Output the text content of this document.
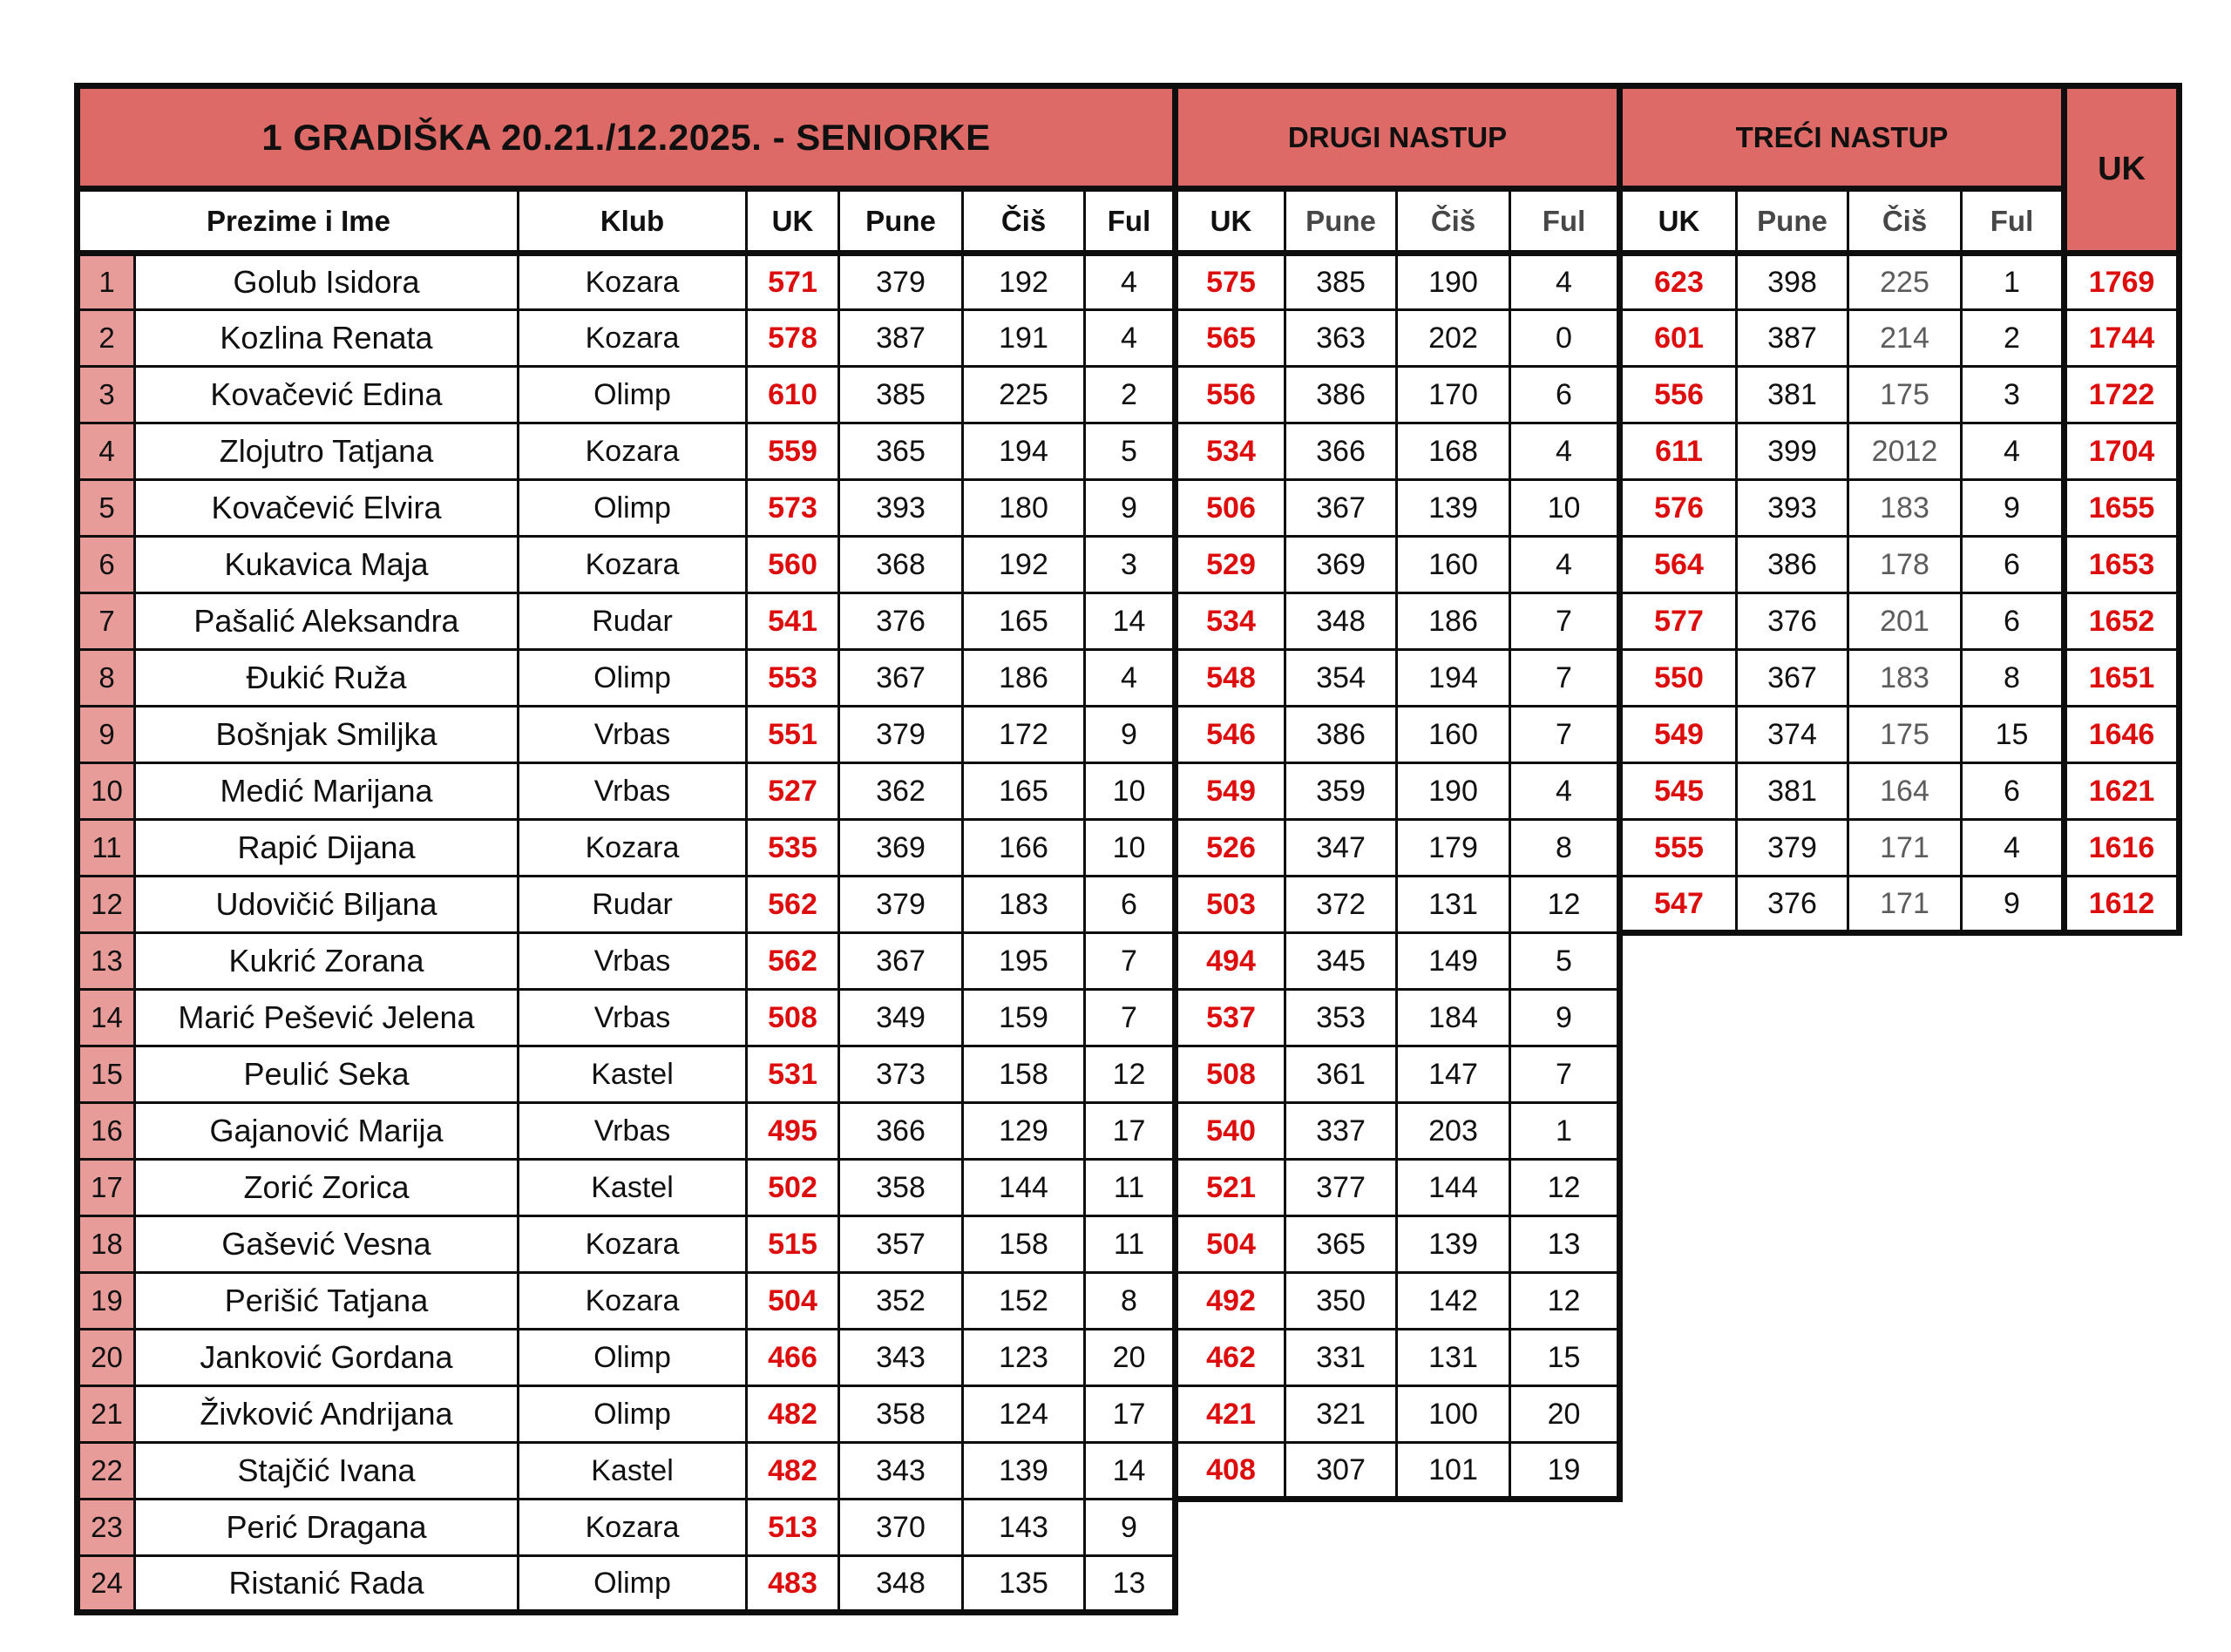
1 GRADIŠKA 20.21./12.2025. - SENIORKE							DRUGI NASTUP				TREĆI NASTUP				UK
Prezime i Ime		Klub	UK	Pune	Čiš	Ful	UK	Pune	Čiš	Ful	UK	Pune	Čiš	Ful	
1	Golub Isidora	Kozara	571	379	192	4	575	385	190	4	623	398	225	1	1769
2	Kozlina Renata	Kozara	578	387	191	4	565	363	202	0	601	387	214	2	1744
3	Kovačević Edina	Olimp	610	385	225	2	556	386	170	6	556	381	175	3	1722
4	Zlojutro Tatjana	Kozara	559	365	194	5	534	366	168	4	611	399	2012	4	1704
5	Kovačević Elvira	Olimp	573	393	180	9	506	367	139	10	576	393	183	9	1655
6	Kukavica Maja	Kozara	560	368	192	3	529	369	160	4	564	386	178	6	1653
7	Pašalić Aleksandra	Rudar	541	376	165	14	534	348	186	7	577	376	201	6	1652
8	Đukić Ruža	Olimp	553	367	186	4	548	354	194	7	550	367	183	8	1651
9	Bošnjak Smiljka	Vrbas	551	379	172	9	546	386	160	7	549	374	175	15	1646
10	Medić Marijana	Vrbas	527	362	165	10	549	359	190	4	545	381	164	6	1621
11	Rapić Dijana	Kozara	535	369	166	10	526	347	179	8	555	379	171	4	1616
12	Udovičić Biljana	Rudar	562	379	183	6	503	372	131	12	547	376	171	9	1612
13	Kukrić Zorana	Vrbas	562	367	195	7	494	345	149	5					
14	Marić Pešević Jelena	Vrbas	508	349	159	7	537	353	184	9					
15	Peulić Seka	Kastel	531	373	158	12	508	361	147	7					
16	Gajanović Marija	Vrbas	495	366	129	17	540	337	203	1					
17	Zorić Zorica	Kastel	502	358	144	11	521	377	144	12					
18	Gašević Vesna	Kozara	515	357	158	11	504	365	139	13					
19	Perišić Tatjana	Kozara	504	352	152	8	492	350	142	12					
20	Janković Gordana	Olimp	466	343	123	20	462	331	131	15					
21	Živković Andrijana	Olimp	482	358	124	17	421	321	100	20					
22	Stajčić Ivana	Kastel	482	343	139	14	408	307	101	19					
23	Perić Dragana	Kozara	513	370	143	9									
24	Ristanić Rada	Olimp	483	348	135	13									
